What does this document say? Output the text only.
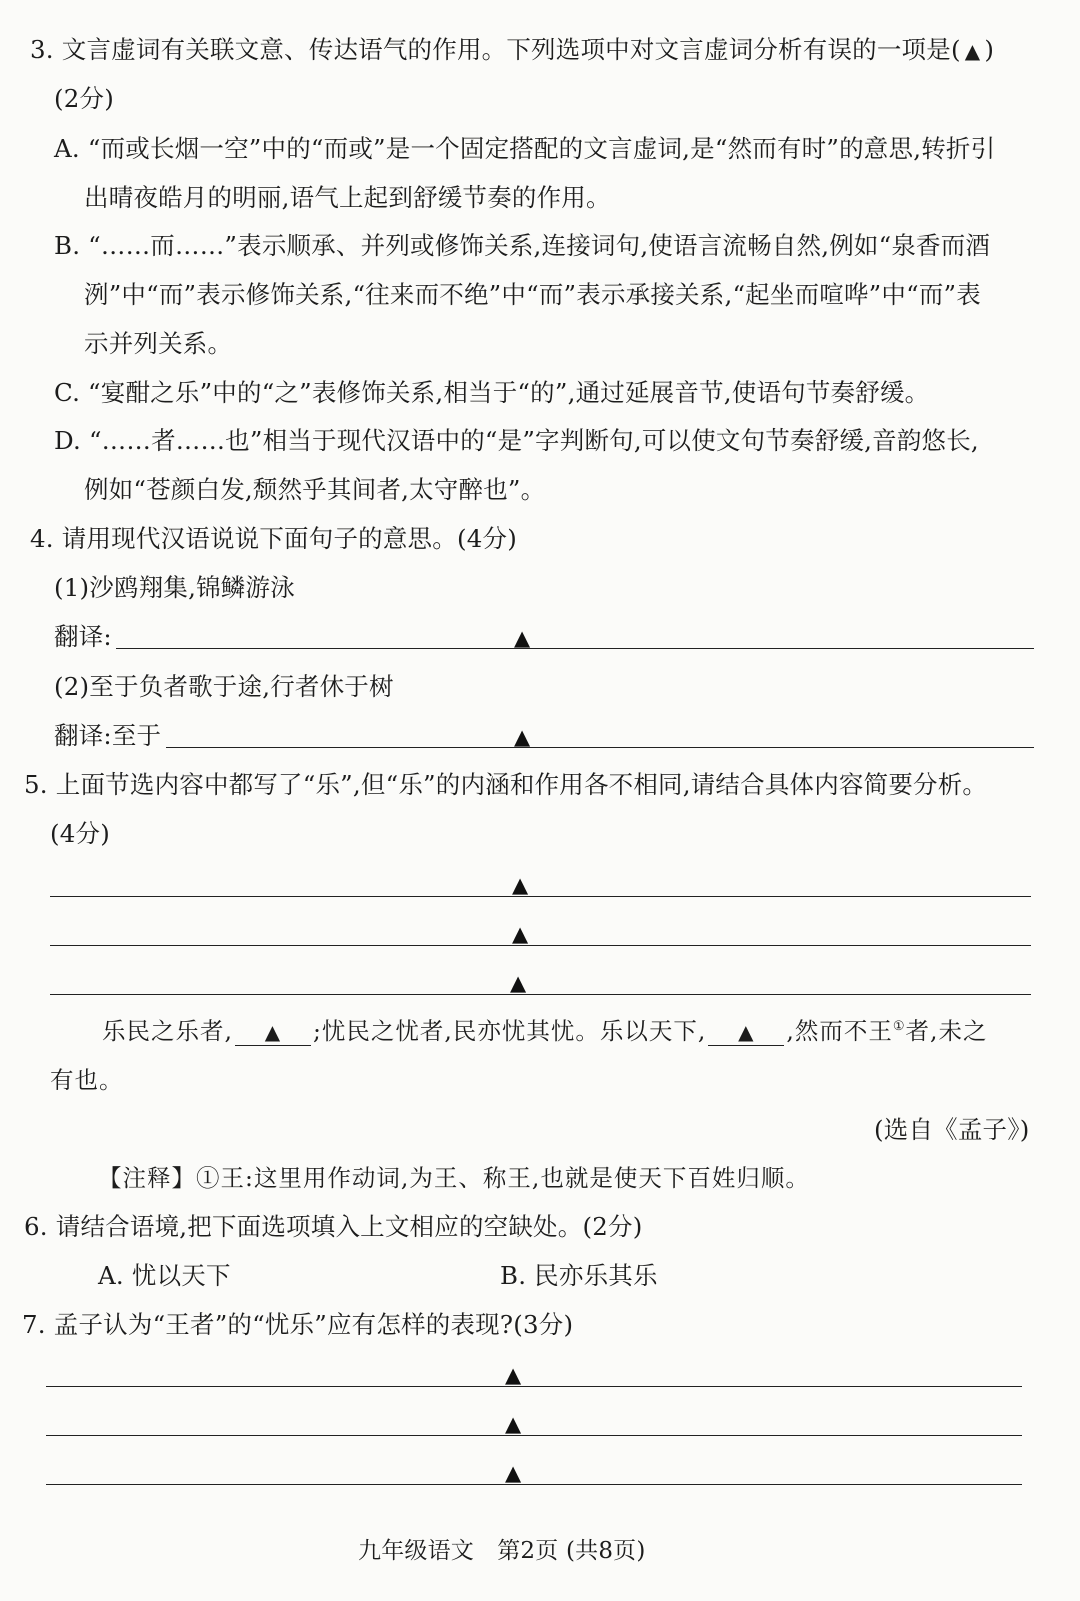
3. 文言虚词有关联文意、传达语气的作用。下列选项中对文言虚词分析有误的一项是( ▲ )
(2分)
A. “而或长烟一空”中的“而或”是一个固定搭配的文言虚词,是“然而有时”的意思,转折引
出晴夜皓月的明丽,语气上起到舒缓节奏的作用。
B. “……而……”表示顺承、并列或修饰关系,连接词句,使语言流畅自然,例如“泉香而酒
洌”中“而”表示修饰关系,“往来而不绝”中“而”表示承接关系,“起坐而喧哗”中“而”表
示并列关系。
C. “宴酣之乐”中的“之”表修饰关系,相当于“的”,通过延展音节,使语句节奏舒缓。
D. “……者……也”相当于现代汉语中的“是”字判断句,可以使文句节奏舒缓,音韵悠长,
例如“苍颜白发,颓然乎其间者,太守醉也”。
4. 请用现代汉语说说下面句子的意思。(4分)
(1)沙鸥翔集,锦鳞游泳
翻译:	▲
(2)至于负者歌于途,行者休于树
翻译:至于	▲
5. 上面节选内容中都写了“乐”,但“乐”的内涵和作用各不相同,请结合具体内容简要分析。
(4分)
▲
▲
▲
乐民之乐者, ▲ ;忧民之忧者,民亦忧其忧。乐以天下, ▲ ,然而不王①者,未之
有也。
(选自《孟子》)
【注释】①王:这里用作动词,为王、称王,也就是使天下百姓归顺。
6. 请结合语境,把下面选项填入上文相应的空缺处。(2分)
A. 忧以天下	B. 民亦乐其乐
7. 孟子认为“王者”的“忧乐”应有怎样的表现?(3分)
▲
▲
▲
九年级语文　第2页 (共8页)
